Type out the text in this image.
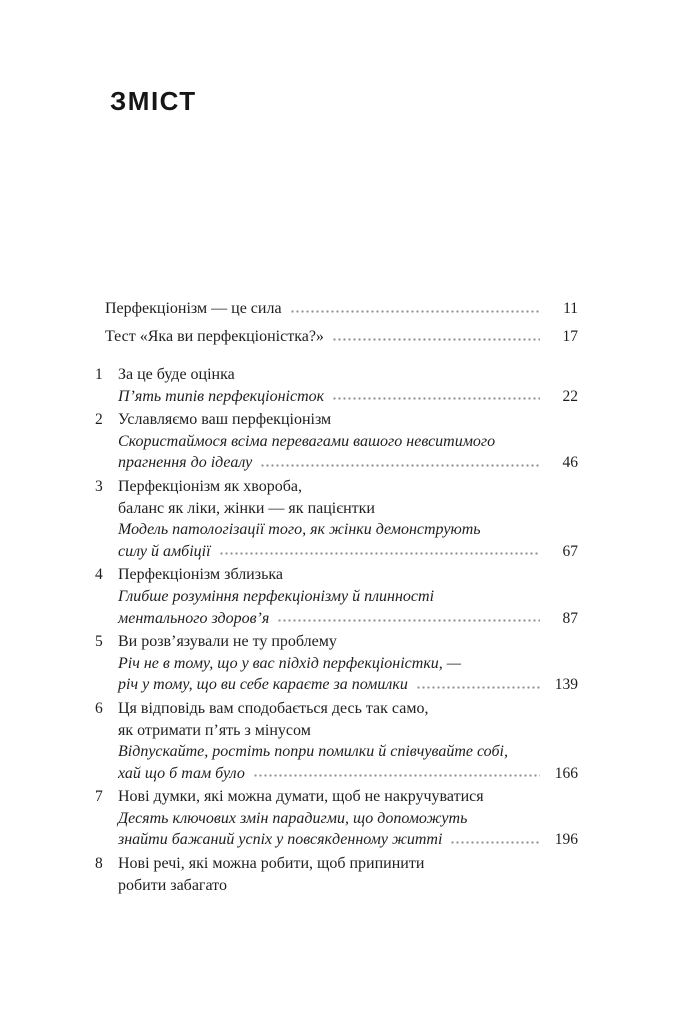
ЗМІСТ
Перфекціонізм — це сила	11
Тест «Яка ви перфекціоністка?»	17
1 За це буде оцінка
П’ять типів перфекціоністок	22
2 Уславляємо ваш перфекціонізм
Скористаймося всіма перевагами вашого невситимого
прагнення до ідеалу	46
3 Перфекціонізм як хвороба,
баланс як ліки, жінки — як пацієнтки
Модель патологізації того, як жінки демонструють
силу й амбіції	67
4 Перфекціонізм зблизька
Глибше розуміння перфекціонізму й плинності
ментального здоров’я	87
5 Ви розв’язували не ту проблему
Річ не в тому, що у вас підхід перфекціоністки, —
річ у тому, що ви себе караєте за помилки	139
6 Ця відповідь вам сподобається десь так само,
як отримати п’ять з мінусом
Відпускайте, ростіть попри помилки й співчувайте собі,
хай що б там було	166
7 Нові думки, які можна думати, щоб не накручуватися
Десять ключових змін парадигми, що допоможуть
знайти бажаний успіх у повсякденному житті	196
8 Нові речі, які можна робити, щоб припинити
робити забагато
